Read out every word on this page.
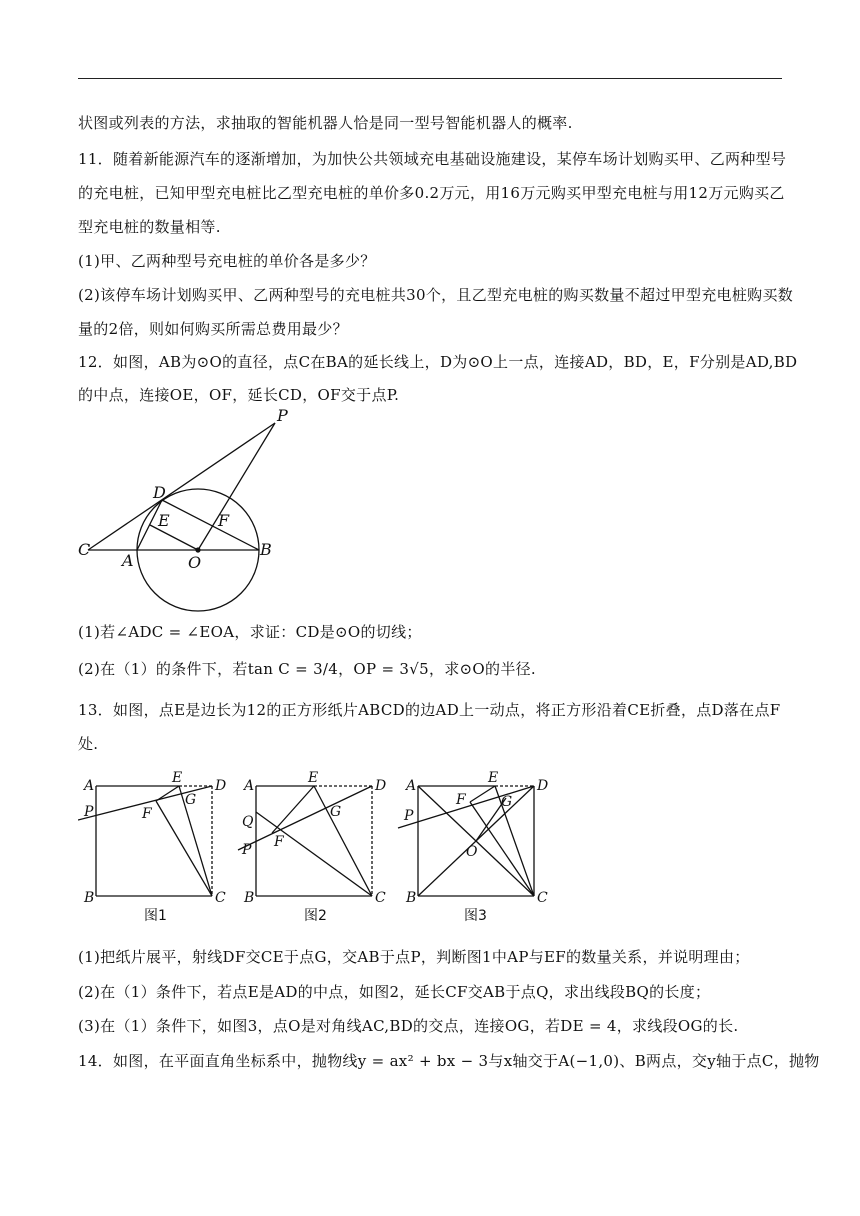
状图或列表的方法，求抽取的智能机器人恰是同一型号智能机器人的概率.
11．随着新能源汽车的逐渐增加，为加快公共领域充电基础设施建设，某停车场计划购买甲、乙两种型号
的充电桩，已知甲型充电桩比乙型充电桩的单价多0.2万元，用16万元购买甲型充电桩与用12万元购买乙
型充电桩的数量相等.
(1)甲、乙两种型号充电桩的单价各是多少？
(2)该停车场计划购买甲、乙两种型号的充电桩共30个，且乙型充电桩的购买数量不超过甲型充电桩购买数
量的2倍，则如何购买所需总费用最少？
12．如图，AB为⊙O的直径，点C在BA的延长线上，D为⊙O上一点，连接AD，BD，E，F分别是AD,BD
的中点，连接OE，OF，延长CD，OF交于点P.
P
D
E	F
C
A	O
B
(1)若∠ADC = ∠EOA，求证：CD是⊙O的切线；
(2)在（1）的条件下，若tan C = 3/4，OP = 3√5，求⊙O的半径.
13．如图，点E是边长为12的正方形纸片ABCD的边AD上一动点，将正方形沿着CE折叠，点D落在点F
处.
A	E D
G
F
P
B	C
图1
A	E	D
G
F
Q
P
B	C
图2
A	E	D
G
F
P
O
B	C
图3
(1)把纸片展平，射线DF交CE于点G，交AB于点P，判断图1中AP与EF的数量关系，并说明理由；
(2)在（1）条件下，若点E是AD的中点，如图2，延长CF交AB于点Q，求出线段BQ的长度；
(3)在（1）条件下，如图3，点O是对角线AC,BD的交点，连接OG，若DE = 4，求线段OG的长.
14．如图，在平面直角坐标系中，抛物线y = ax² + bx − 3与x轴交于A(−1,0)、B两点，交y轴于点C，抛物
